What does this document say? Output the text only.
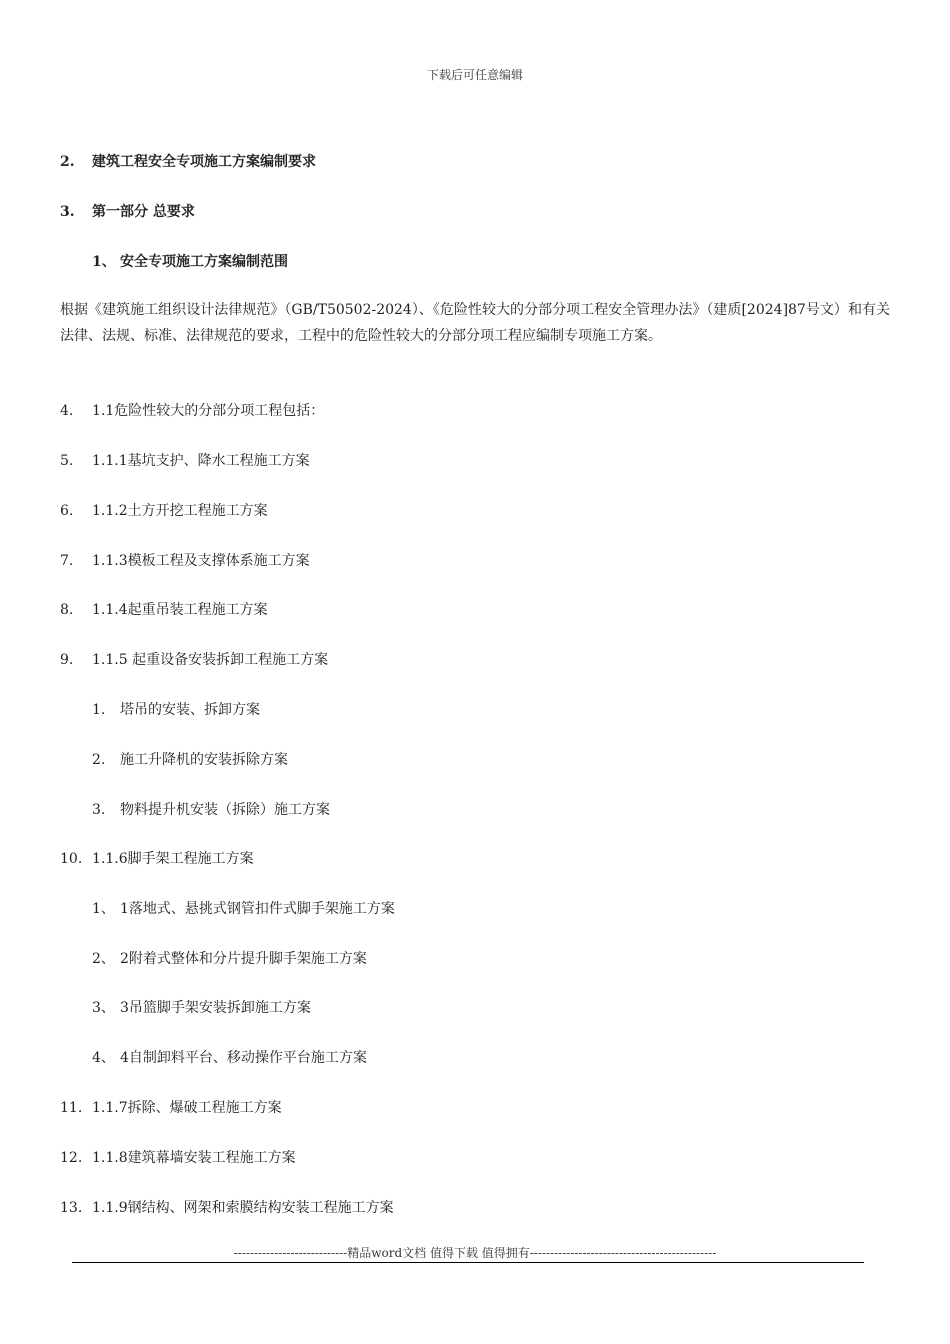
下载后可任意编辑
2. 建筑工程安全专项施工方案编制要求
3. 第一部分 总要求
1、 安全专项施工方案编制范围
根据《建筑施工组织设计法律规范》（GB/T50502-2024）、《危险性较大的分部分项工程安全管理办法》（建质[2024]87号文）和有关法律、法规、标准、法律规范的要求，工程中的危险性较大的分部分项工程应编制专项施工方案。
4. 1.1危险性较大的分部分项工程包括：
5. 1.1.1基坑支护、降水工程施工方案
6. 1.1.2土方开挖工程施工方案
7. 1.1.3模板工程及支撑体系施工方案
8. 1.1.4起重吊装工程施工方案
9. 1.1.5 起重设备安装拆卸工程施工方案
1. 塔吊的安装、拆卸方案
2. 施工升降机的安装拆除方案
3. 物料提升机安装（拆除）施工方案
10. 1.1.6脚手架工程施工方案
1、 1落地式、悬挑式钢管扣件式脚手架施工方案
2、 2附着式整体和分片提升脚手架施工方案
3、 3吊篮脚手架安装拆卸施工方案
4、 4自制卸料平台、移动操作平台施工方案
11. 1.1.7拆除、爆破工程施工方案
12. 1.1.8建筑幕墙安装工程施工方案
13. 1.1.9钢结构、网架和索膜结构安装工程施工方案
----------------------------精品word文档 值得下载 值得拥有----------------------------------------------
